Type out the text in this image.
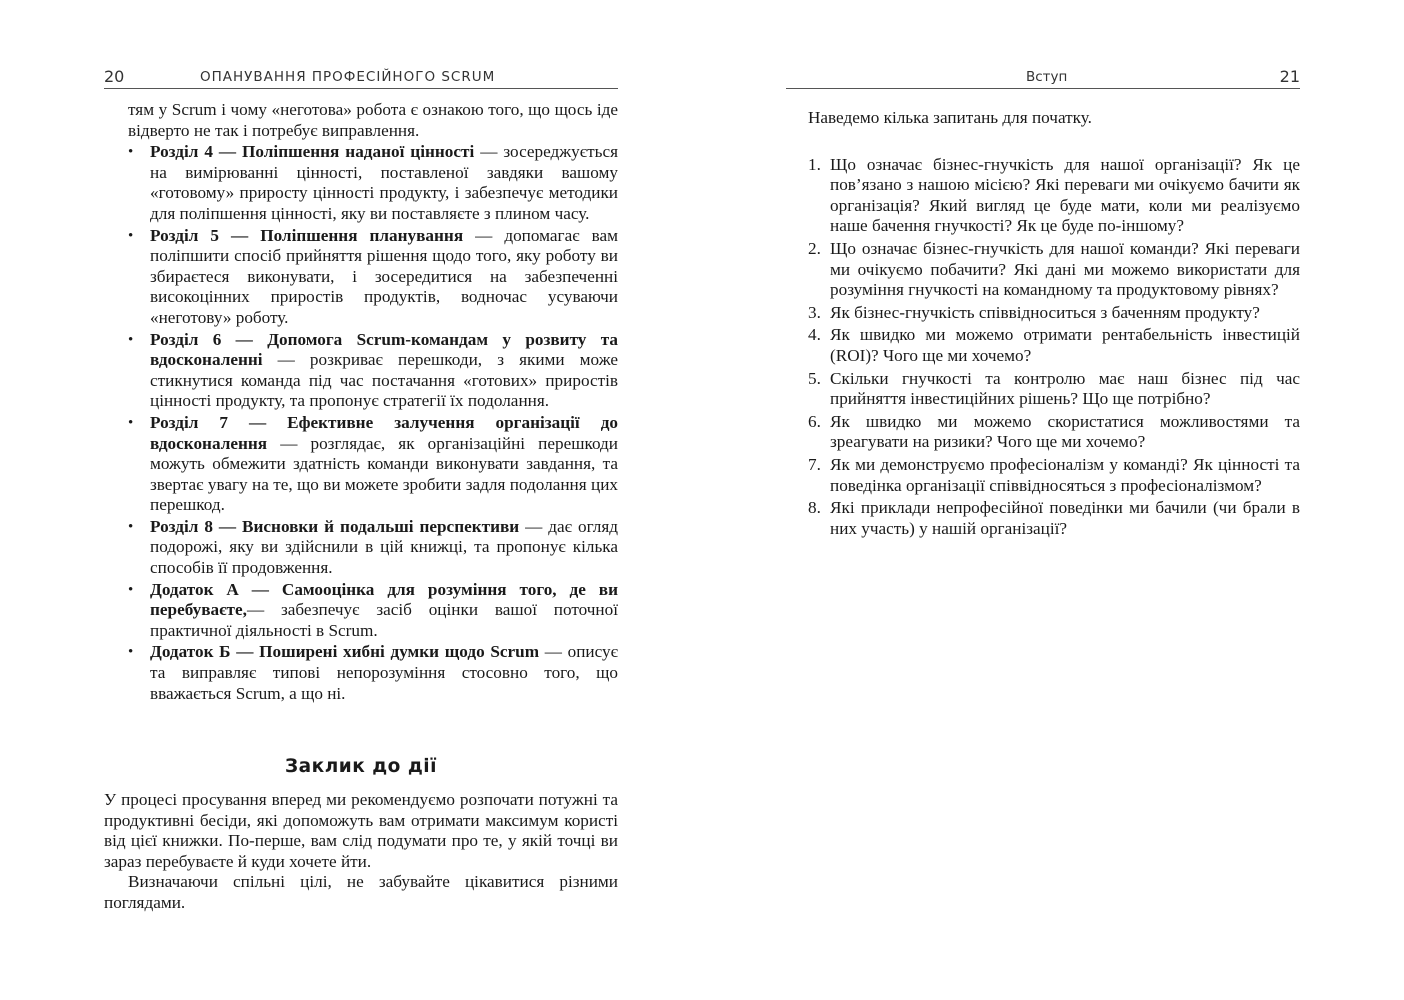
20	ОПАНУВАННЯ ПРОФЕСІЙНОГО SCRUM
тям у Scrum і чому «неготова» робота є ознакою того, що щось іде відверто не так і потребує виправлення.
• Розділ 4 — Поліпшення наданої цінності — зосереджується на вимірюванні цінності, поставленої завдяки вашому «готовому» приросту цінності продукту, і забезпечує методики для поліпшення цінності, яку ви поставляєте з плином часу.
• Розділ 5 — Поліпшення планування — допомагає вам поліпшити спосіб прийняття рішення щодо того, яку роботу ви збираєтеся виконувати, і зосередитися на забезпеченні високоцінних приростів продуктів, водночас усуваючи «неготову» роботу.
• Розділ 6 — Допомога Scrum-командам у розвиту та вдосконаленні — розкриває перешкоди, з якими може стикнутися команда під час постачання «готових» приростів цінності продукту, та пропонує стратегії їх подолання.
• Розділ 7 — Ефективне залучення організації до вдосконалення — розглядає, як організаційні перешкоди можуть обмежити здатність команди виконувати завдання, та звертає увагу на те, що ви можете зробити задля подолання цих перешкод.
• Розділ 8 — Висновки й подальші перспективи — дає огляд подорожі, яку ви здійснили в цій книжці, та пропонує кілька способів її продовження.
• Додаток А — Самооцінка для розуміння того, де ви перебуваєте,— забезпечує засіб оцінки вашої поточної практичної діяльності в Scrum.
• Додаток Б — Поширені хибні думки щодо Scrum — описує та виправляє типові непорозуміння стосовно того, що вважається Scrum, а що ні.
Заклик до дії

У процесі просування вперед ми рекомендуємо розпочати потужні та продуктивні бесіди, які допоможуть вам отримати максимум користі від цієї книжки. По-перше, вам слід подумати про те, у якій точці ви зараз перебуваєте й куди хочете йти.

Визначаючи спільні цілі, не забувайте цікавитися різними поглядами.

Вступ	21

Наведемо кілька запитань для початку.

1. Що означає бізнес-гнучкість для нашої організації? Як це пов’язано з нашою місією? Які переваги ми очікуємо бачити як організація? Який вигляд це буде мати, коли ми реалізуємо наше бачення гнучкості? Як це буде по-іншому?
2. Що означає бізнес-гнучкість для нашої команди? Які переваги ми очікуємо побачити? Які дані ми можемо використати для розуміння гнучкості на командному та продуктовому рівнях?
3. Як бізнес-гнучкість співвідноситься з баченням продукту?
4. Як швидко ми можемо отримати рентабельність інвестицій (ROI)? Чого ще ми хочемо?
5. Скільки гнучкості та контролю має наш бізнес під час прийняття інвестиційних рішень? Що ще потрібно?
6. Як швидко ми можемо скористатися можливостями та зреагувати на ризики? Чого ще ми хочемо?
7. Як ми демонструємо професіоналізм у команді? Як цінності та поведінка організації співвідносяться з професіоналізмом?
8. Які приклади непрофесійної поведінки ми бачили (чи брали в них участь) у нашій організації?
